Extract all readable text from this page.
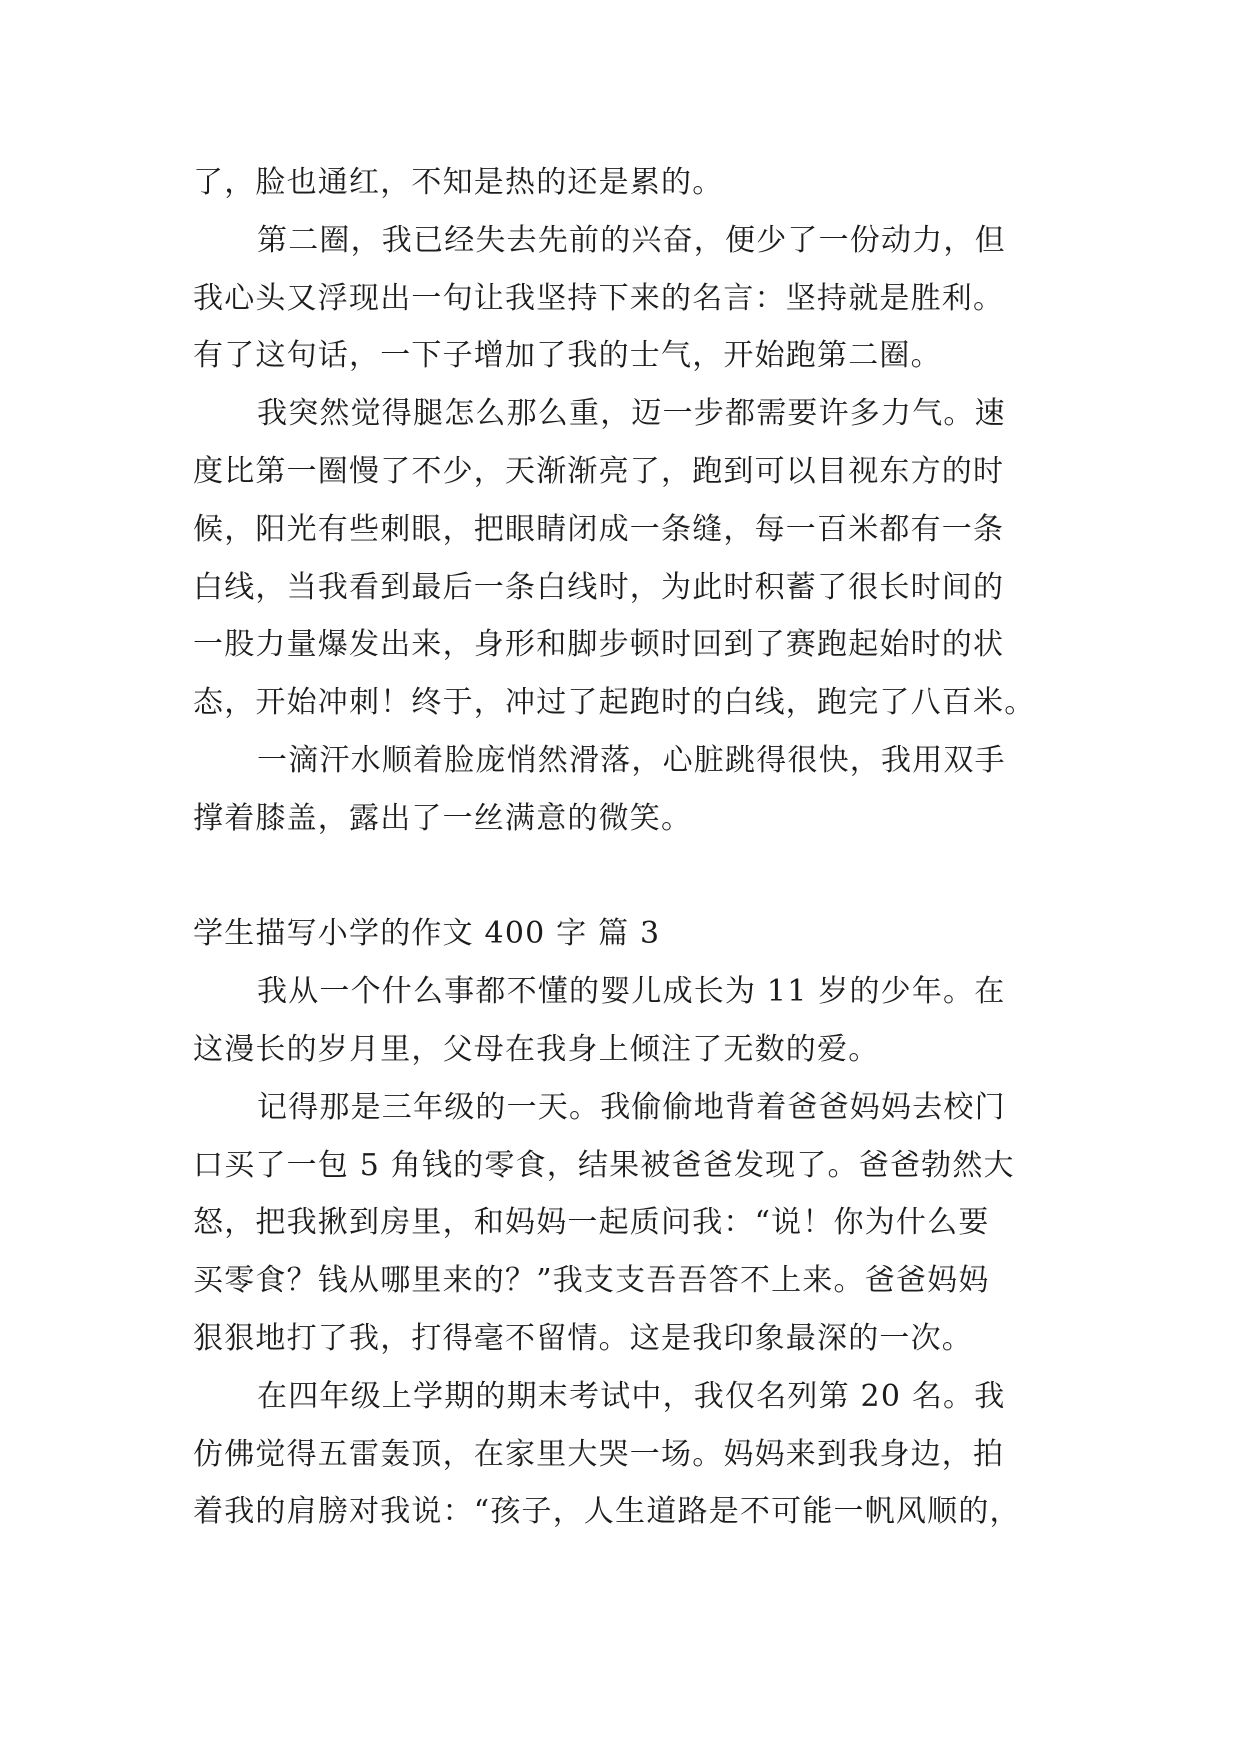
了，脸也通红，不知是热的还是累的。
第二圈，我已经失去先前的兴奋，便少了一份动力，但
我心头又浮现出一句让我坚持下来的名言：坚持就是胜利。
有了这句话，一下子增加了我的士气，开始跑第二圈。
我突然觉得腿怎么那么重，迈一步都需要许多力气。速
度比第一圈慢了不少，天渐渐亮了，跑到可以目视东方的时
候，阳光有些刺眼，把眼睛闭成一条缝，每一百米都有一条
白线，当我看到最后一条白线时，为此时积蓄了很长时间的
一股力量爆发出来，身形和脚步顿时回到了赛跑起始时的状
态，开始冲刺！终于，冲过了起跑时的白线，跑完了八百米。
一滴汗水顺着脸庞悄然滑落，心脏跳得很快，我用双手
撑着膝盖，露出了一丝满意的微笑。
学生描写小学的作文 400 字 篇 3
我从一个什么事都不懂的婴儿成长为 11 岁的少年。在
这漫长的岁月里，父母在我身上倾注了无数的爱。
记得那是三年级的一天。我偷偷地背着爸爸妈妈去校门
口买了一包 5 角钱的零食，结果被爸爸发现了。爸爸勃然大
怒，把我揪到房里，和妈妈一起质问我：“说！你为什么要
买零食？钱从哪里来的？”我支支吾吾答不上来。爸爸妈妈
狠狠地打了我，打得毫不留情。这是我印象最深的一次。
在四年级上学期的期末考试中，我仅名列第 20 名。我
仿佛觉得五雷轰顶，在家里大哭一场。妈妈来到我身边，拍
着我的肩膀对我说：“孩子，人生道路是不可能一帆风顺的，
